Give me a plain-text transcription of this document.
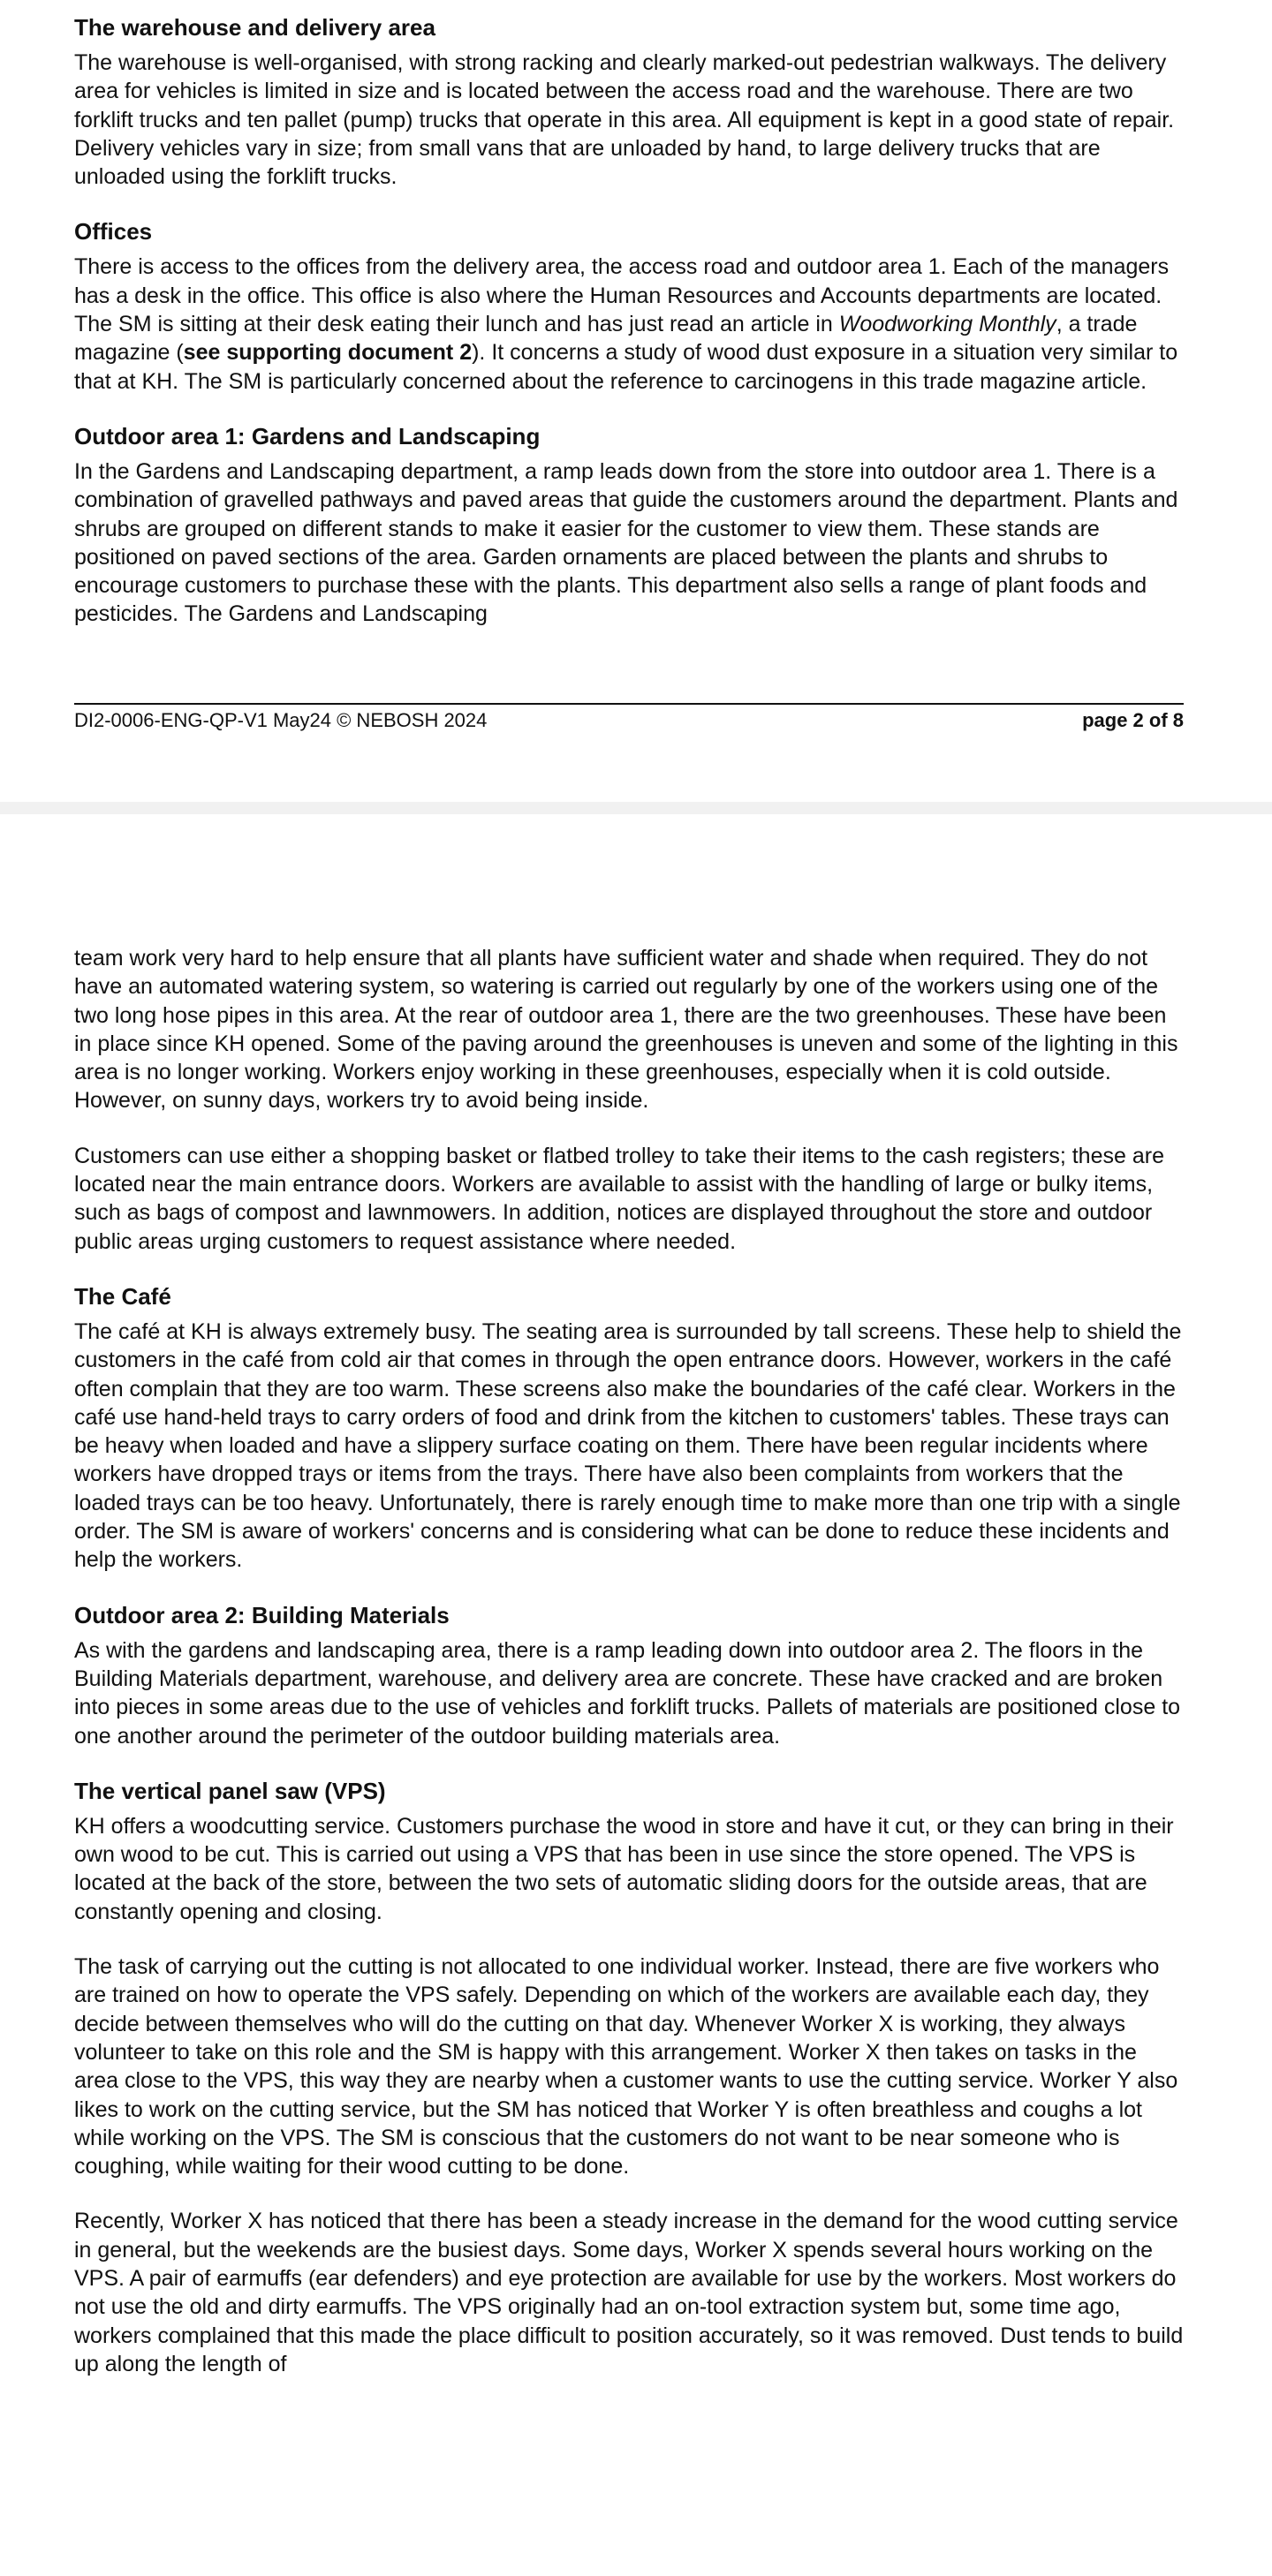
The warehouse and delivery area
The warehouse is well-organised, with strong racking and clearly marked-out pedestrian walkways. The delivery area for vehicles is limited in size and is located between the access road and the warehouse. There are two forklift trucks and ten pallet (pump) trucks that operate in this area. All equipment is kept in a good state of repair. Delivery vehicles vary in size; from small vans that are unloaded by hand, to large delivery trucks that are unloaded using the forklift trucks.
Offices
There is access to the offices from the delivery area, the access road and outdoor area 1. Each of the managers has a desk in the office. This office is also where the Human Resources and Accounts departments are located. The SM is sitting at their desk eating their lunch and has just read an article in Woodworking Monthly, a trade magazine (see supporting document 2). It concerns a study of wood dust exposure in a situation very similar to that at KH. The SM is particularly concerned about the reference to carcinogens in this trade magazine article.
Outdoor area 1: Gardens and Landscaping
In the Gardens and Landscaping department, a ramp leads down from the store into outdoor area 1. There is a combination of gravelled pathways and paved areas that guide the customers around the department. Plants and shrubs are grouped on different stands to make it easier for the customer to view them. These stands are positioned on paved sections of the area. Garden ornaments are placed between the plants and shrubs to encourage customers to purchase these with the plants. This department also sells a range of plant foods and pesticides. The Gardens and Landscaping
DI2-0006-ENG-QP-V1 May24 © NEBOSH 2024	page 2 of 8
team work very hard to help ensure that all plants have sufficient water and shade when required. They do not have an automated watering system, so watering is carried out regularly by one of the workers using one of the two long hose pipes in this area. At the rear of outdoor area 1, there are the two greenhouses. These have been in place since KH opened. Some of the paving around the greenhouses is uneven and some of the lighting in this area is no longer working. Workers enjoy working in these greenhouses, especially when it is cold outside. However, on sunny days, workers try to avoid being inside.
Customers can use either a shopping basket or flatbed trolley to take their items to the cash registers; these are located near the main entrance doors. Workers are available to assist with the handling of large or bulky items, such as bags of compost and lawnmowers. In addition, notices are displayed throughout the store and outdoor public areas urging customers to request assistance where needed.
The Café
The café at KH is always extremely busy. The seating area is surrounded by tall screens. These help to shield the customers in the café from cold air that comes in through the open entrance doors. However, workers in the café often complain that they are too warm. These screens also make the boundaries of the café clear. Workers in the café use hand-held trays to carry orders of food and drink from the kitchen to customers' tables. These trays can be heavy when loaded and have a slippery surface coating on them. There have been regular incidents where workers have dropped trays or items from the trays. There have also been complaints from workers that the loaded trays can be too heavy. Unfortunately, there is rarely enough time to make more than one trip with a single order. The SM is aware of workers' concerns and is considering what can be done to reduce these incidents and help the workers.
Outdoor area 2: Building Materials
As with the gardens and landscaping area, there is a ramp leading down into outdoor area 2. The floors in the Building Materials department, warehouse, and delivery area are concrete. These have cracked and are broken into pieces in some areas due to the use of vehicles and forklift trucks. Pallets of materials are positioned close to one another around the perimeter of the outdoor building materials area.
The vertical panel saw (VPS)
KH offers a woodcutting service. Customers purchase the wood in store and have it cut, or they can bring in their own wood to be cut. This is carried out using a VPS that has been in use since the store opened. The VPS is located at the back of the store, between the two sets of automatic sliding doors for the outside areas, that are constantly opening and closing.
The task of carrying out the cutting is not allocated to one individual worker. Instead, there are five workers who are trained on how to operate the VPS safely. Depending on which of the workers are available each day, they decide between themselves who will do the cutting on that day. Whenever Worker X is working, they always volunteer to take on this role and the SM is happy with this arrangement. Worker X then takes on tasks in the area close to the VPS, this way they are nearby when a customer wants to use the cutting service. Worker Y also likes to work on the cutting service, but the SM has noticed that Worker Y is often breathless and coughs a lot while working on the VPS. The SM is conscious that the customers do not want to be near someone who is coughing, while waiting for their wood cutting to be done.
Recently, Worker X has noticed that there has been a steady increase in the demand for the wood cutting service in general, but the weekends are the busiest days. Some days, Worker X spends several hours working on the VPS. A pair of earmuffs (ear defenders) and eye protection are available for use by the workers. Most workers do not use the old and dirty earmuffs. The VPS originally had an on-tool extraction system but, some time ago, workers complained that this made the place difficult to position accurately, so it was removed. Dust tends to build up along the length of
